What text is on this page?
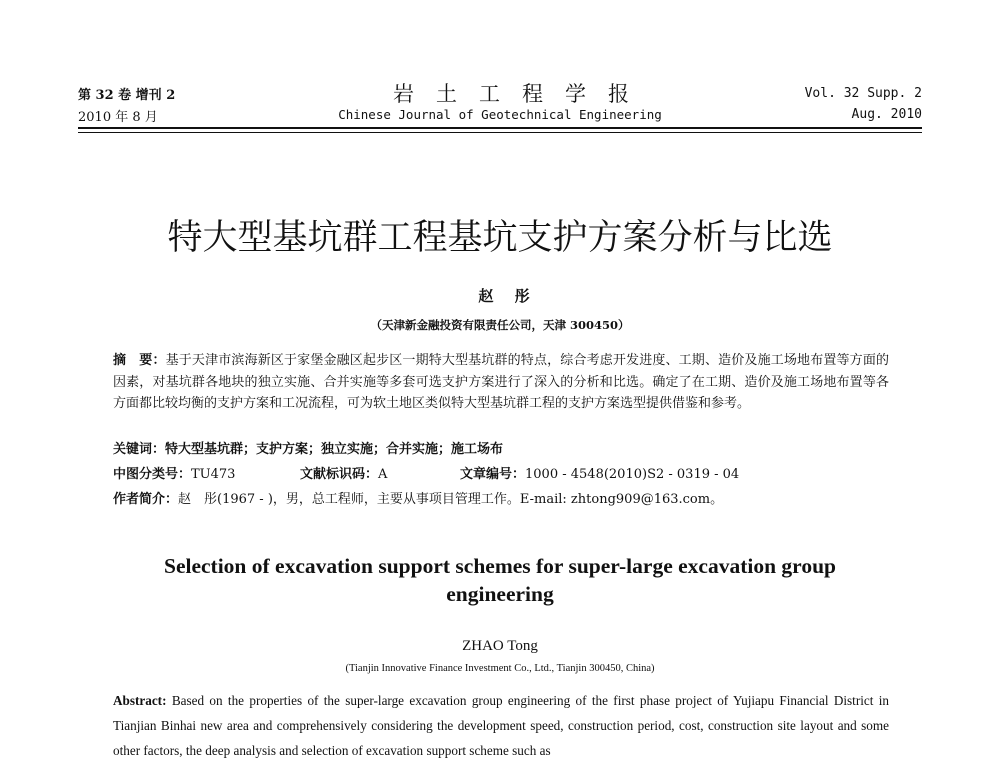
第 32 卷 增刊 2
2010 年 8 月
岩土工程学报
Chinese Journal of Geotechnical Engineering
Vol. 32 Supp. 2
Aug. 2010
特大型基坑群工程基坑支护方案分析与比选
赵 彤
（天津新金融投资有限责任公司，天津 300450）
摘　要：基于天津市滨海新区于家堡金融区起步区一期特大型基坑群的特点，综合考虑开发进度、工期、造价及施工场地布置等方面的因素，对基坑群各地块的独立实施、合并实施等多套可选支护方案进行了深入的分析和比选。确定了在工期、造价及施工场地布置等各方面都比较均衡的支护方案和工况流程，可为软土地区类似特大型基坑群工程的支护方案选型提供借鉴和参考。
关键词：特大型基坑群；支护方案；独立实施；合并实施；施工场布
中图分类号：TU473	文献标识码：A	文章编号：1000 - 4548(2010)S2 - 0319 - 04
作者简介：赵　彤(1967 - )，男，总工程师，主要从事项目管理工作。E-mail: zhtong909@163.com。
Selection of excavation support schemes for super-large excavation group
engineering
ZHAO Tong
(Tianjin Innovative Finance Investment Co., Ltd., Tianjin 300450, China)
Abstract: Based on the properties of the super-large excavation group engineering of the first phase project of Yujiapu Financial District in Tianjian Binhai new area and comprehensively considering the development speed, construction period, cost, construction site layout and some other factors, the deep analysis and selection of excavation support scheme such as
